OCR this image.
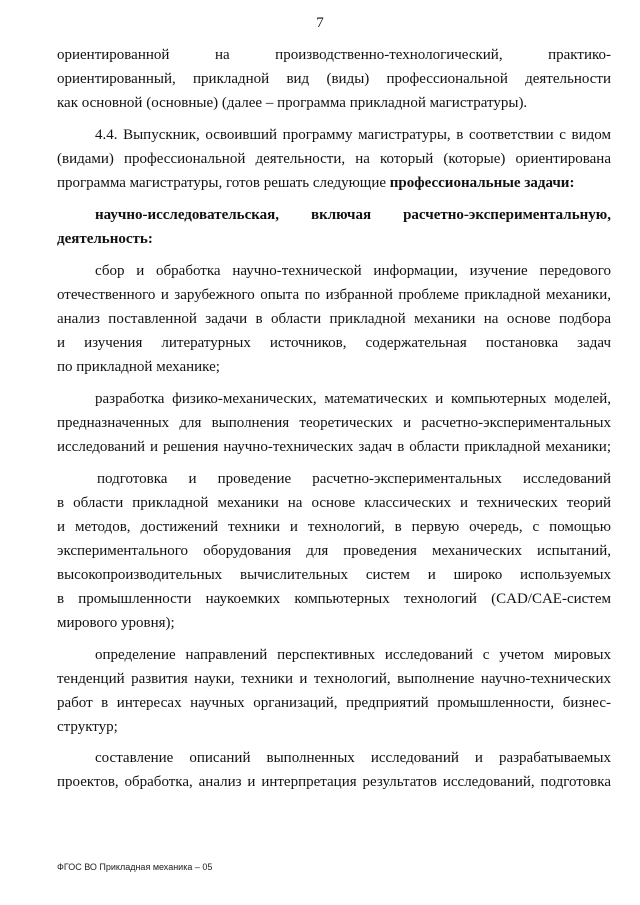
7
ориентированной на производственно-технологический, практико-
ориентированный, прикладной вид (виды) профессиональной деятельности
как основной (основные) (далее – программа прикладной магистратуры).
4.4. Выпускник, освоивший программу магистратуры, в соответствии с видом
(видами) профессиональной деятельности, на который (которые) ориентирована
программа магистратуры, готов решать следующие профессиональные задачи:
научно-исследовательская, включая расчетно-экспериментальную,
деятельность:
сбор и обработка научно-технической информации, изучение передового
отечественного и зарубежного опыта по избранной проблеме прикладной механики,
анализ поставленной задачи в области прикладной механики на основе подбора
и изучения литературных источников, содержательная постановка задач
по прикладной механике;
разработка физико-механических, математических и компьютерных моделей,
предназначенных для выполнения теоретических и расчетно-экспериментальных
исследований и решения научно-технических задач в области прикладной механики;
подготовка и проведение расчетно-экспериментальных исследований
в области прикладной механики на основе классических и технических теорий
и методов, достижений техники и технологий, в первую очередь, с помощью
экспериментального оборудования для проведения механических испытаний,
высокопроизводительных вычислительных систем и широко используемых
в промышленности наукоемких компьютерных технологий (CAD/CAE-систем
мирового уровня);
определение направлений перспективных исследований с учетом мировых
тенденций развития науки, техники и технологий, выполнение научно-технических
работ в интересах научных организаций, предприятий промышленности, бизнес-
структур;
составление описаний выполненных исследований и разрабатываемых
проектов, обработка, анализ и интерпретация результатов исследований, подготовка
ФГОС ВО Прикладная механика – 05
